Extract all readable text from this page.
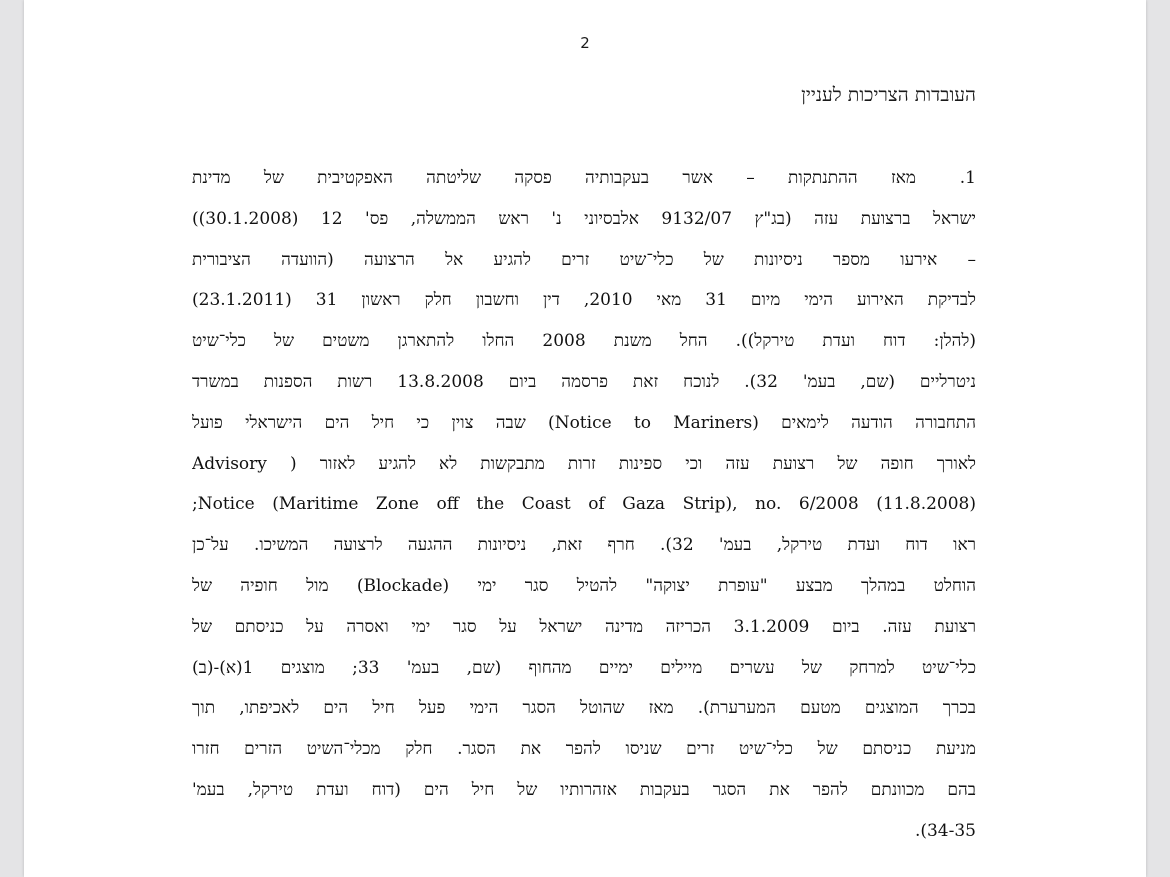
2
העובדות הצריכות לעניין
1.
מאז ההתנתקות – אשר בעקבותיה פסקה שליטתה האפקטיבית של מדינת
ישראל ברצועת עזה (בג"ץ 9132/07 אלבסיוני נ' ראש הממשלה, פס' 12 (30.1.2008))
– אירעו מספר ניסיונות של כלי־שיט זרים להגיע אל הרצועה (הוועדה הציבורית
לבדיקת האירוע הימי מיום 31 מאי 2010, דין וחשבון חלק ראשון 31 (23.1.2011)
(להלן: דוח ועדת טירקל)). החל משנת 2008 החלו להתארגן משטים של כלי־שיט
ניטרליים (שם, בעמ' 32). לנוכח זאת פרסמה ביום 13.8.2008 רשות הספנות במשרד
התחבורה הודעה לימאים (Notice to Mariners) שבה צוין כי חיל הים הישראלי פועל
לאורך חופה של רצועת עזה וכי ספינות זרות מתבקשות לא להגיע לאזור ( Advisory
Notice (Maritime Zone off the Coast of Gaza Strip), no. 6/2008 (11.8.2008);
ראו דוח ועדת טירקל, בעמ' 32). חרף זאת, ניסיונות ההגעה לרצועה המשיכו. על־כן
הוחלט במהלך מבצע "עופרת יצוקה" להטיל סגר ימי (Blockade) מול חופיה של
רצועת עזה. ביום 3.1.2009 הכריזה מדינה ישראל על סגר ימי ואסרה על כניסתם של
כלי־שיט למרחק של עשרים מיילים ימיים מהחוף (שם, בעמ' 33; מוצגים 1(א)-(ב)
בכרך המוצגים מטעם המערערת). מאז שהוטל הסגר הימי פעל חיל הים לאכיפתו, תוך
מניעת כניסתם של כלי־שיט זרים שניסו להפר את הסגר. חלק מכלי־השיט הזרים חזרו
בהם מכוונתם להפר את הסגר בעקבות אזהרותיו של חיל הים (דוח ועדת טירקל, בעמ'
34-35).
